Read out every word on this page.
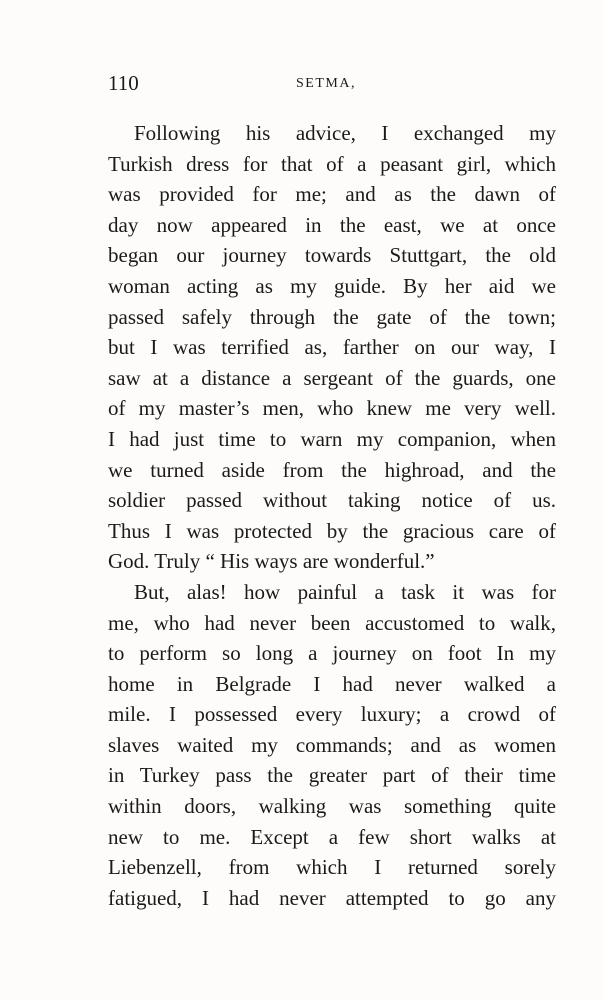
110	SETMA,
Following his advice, I exchanged my
Turkish dress for that of a peasant girl, which
was provided for me; and as the dawn of
day now appeared in the east, we at once
began our journey towards Stuttgart, the old
woman acting as my guide. By her aid we
passed safely through the gate of the town;
but I was terrified as, farther on our way, I
saw at a distance a sergeant of the guards, one
of my master’s men, who knew me very well.
I had just time to warn my companion, when
we turned aside from the highroad, and the
soldier passed without taking notice of us.
Thus I was protected by the gracious care of
God. Truly “ His ways are wonderful.”
But, alas! how painful a task it was for
me, who had never been accustomed to walk,
to perform so long a journey on foot In my
home in Belgrade I had never walked a
mile. I possessed every luxury; a crowd of
slaves waited my commands; and as women
in Turkey pass the greater part of their time
within doors, walking was something quite
new to me. Except a few short walks at
Liebenzell, from which I returned sorely
fatigued, I had never attempted to go any
